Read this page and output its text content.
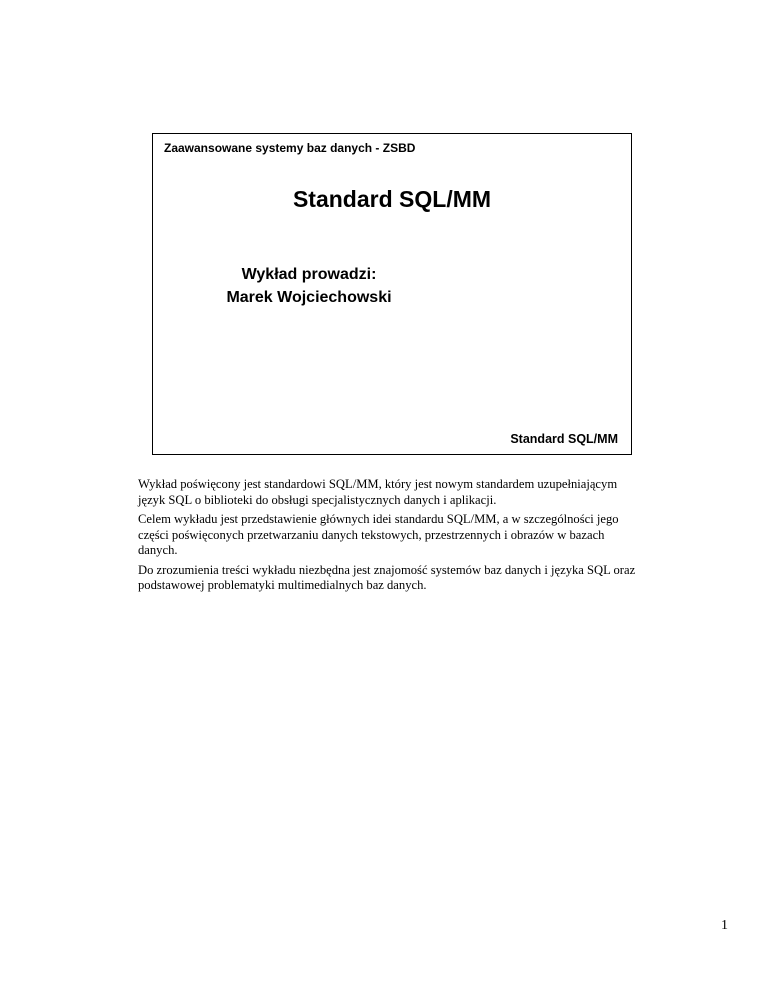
Zaawansowane systemy baz danych - ZSBD
Standard SQL/MM
Wykład prowadzi:
Marek Wojciechowski
Standard SQL/MM

Wykład poświęcony jest standardowi SQL/MM, który jest nowym standardem uzupełniającym język SQL o biblioteki do obsługi specjalistycznych danych i aplikacji.

Celem wykładu jest przedstawienie głównych idei standardu SQL/MM, a w szczególności jego części poświęconych przetwarzaniu danych tekstowych, przestrzennych i obrazów w bazach danych.

Do zrozumienia treści wykładu niezbędna jest znajomość systemów baz danych i języka SQL oraz podstawowej problematyki multimedialnych baz danych.

1
